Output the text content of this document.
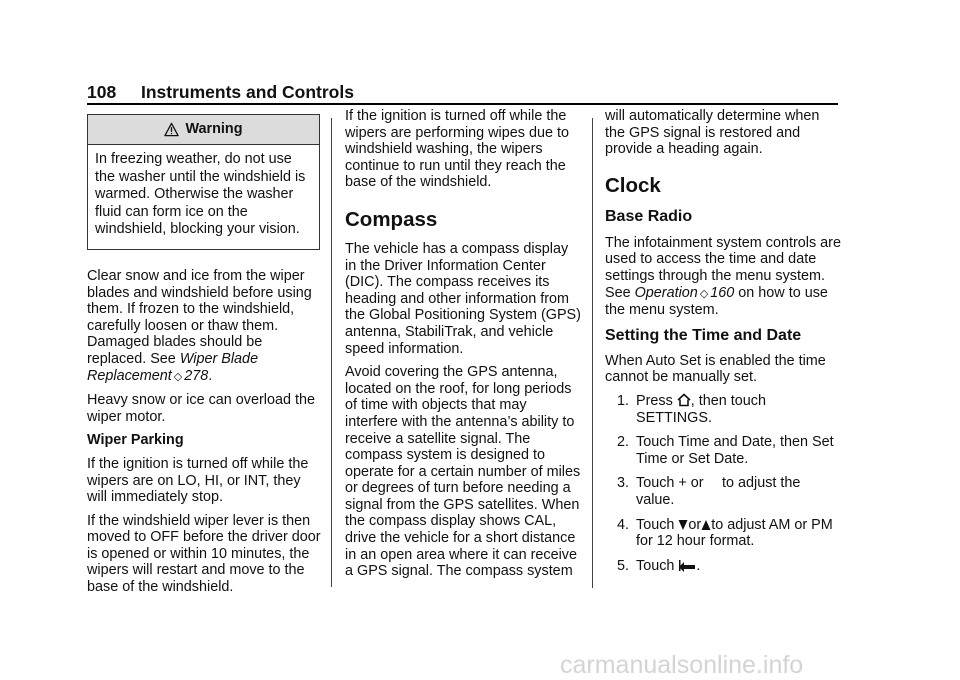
108 Instruments and Controls
Warning
In freezing weather, do not use the washer until the windshield is warmed. Otherwise the washer fluid can form ice on the windshield, blocking your vision.

Clear snow and ice from the wiper blades and windshield before using them. If frozen to the windshield, carefully loosen or thaw them. Damaged blades should be replaced. See Wiper Blade Replacement ◇ 278.

Heavy snow or ice can overload the wiper motor.

Wiper Parking

If the ignition is turned off while the wipers are on LO, HI, or INT, they will immediately stop.

If the windshield wiper lever is then moved to OFF before the driver door is opened or within 10 minutes, the wipers will restart and move to the base of the windshield.

If the ignition is turned off while the wipers are performing wipes due to windshield washing, the wipers continue to run until they reach the base of the windshield.

Compass

The vehicle has a compass display in the Driver Information Center (DIC). The compass receives its heading and other information from the Global Positioning System (GPS) antenna, StabiliTrak, and vehicle speed information.

Avoid covering the GPS antenna, located on the roof, for long periods of time with objects that may interfere with the antenna’s ability to receive a satellite signal. The compass system is designed to operate for a certain number of miles or degrees of turn before needing a signal from the GPS satellites. When the compass display shows CAL, drive the vehicle for a short distance in an open area where it can receive a GPS signal. The compass system

will automatically determine when the GPS signal is restored and provide a heading again.

Clock

Base Radio

The infotainment system controls are used to access the time and date settings through the menu system. See Operation ◇ 160 on how to use the menu system.

Setting the Time and Date

When Auto Set is enabled the time cannot be manually set.

1. Press , then touch SETTINGS.
2. Touch Time and Date, then Set Time or Set Date.
3. Touch + or  to adjust the value.
4. Touch or to adjust AM or PM for 12 hour format.
5. Touch .
carmanualsonline.info
